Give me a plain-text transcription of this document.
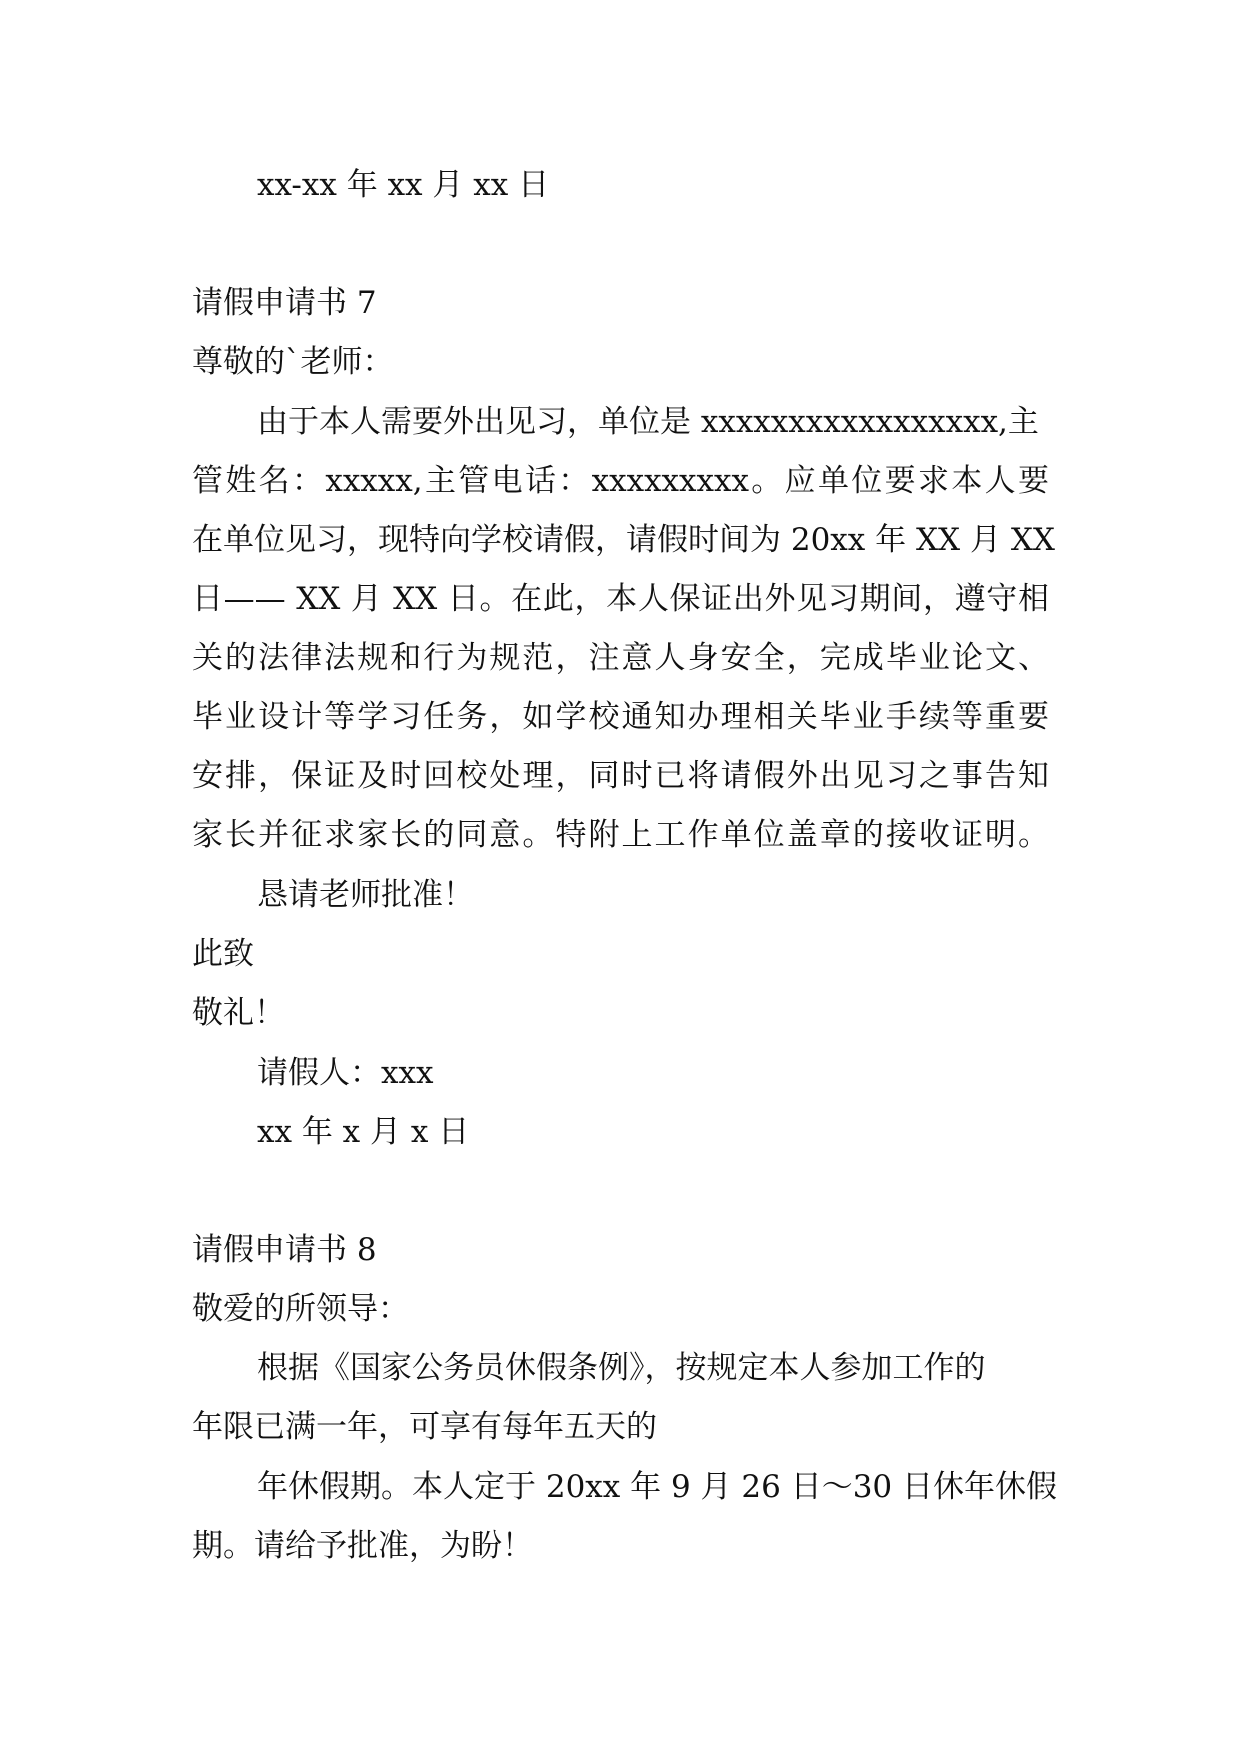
xx-xx 年 xx 月 xx 日
请假申请书 7
尊敬的`老师：
由于本人需要外出见习，单位是 xxxxxxxxxxxxxxxxx,主
管姓名：xxxxx,主管电话：xxxxxxxxx。应单位要求本人要
在单位见习，现特向学校请假，请假时间为 20xx 年 XX 月 XX
日—— XX 月 XX 日。在此，本人保证出外见习期间，遵守相
关的法律法规和行为规范，注意人身安全，完成毕业论文、
毕业设计等学习任务，如学校通知办理相关毕业手续等重要
安排，保证及时回校处理，同时已将请假外出见习之事告知
家长并征求家长的同意。特附上工作单位盖章的接收证明。
恳请老师批准！
此致
敬礼！
请假人：xxx
xx 年 x 月 x 日
请假申请书 8
敬爱的所领导：
根据《国家公务员休假条例》，按规定本人参加工作的
年限已满一年，可享有每年五天的
年休假期。本人定于 20xx 年 9 月 26 日～30 日休年休假
期。请给予批准，为盼！
